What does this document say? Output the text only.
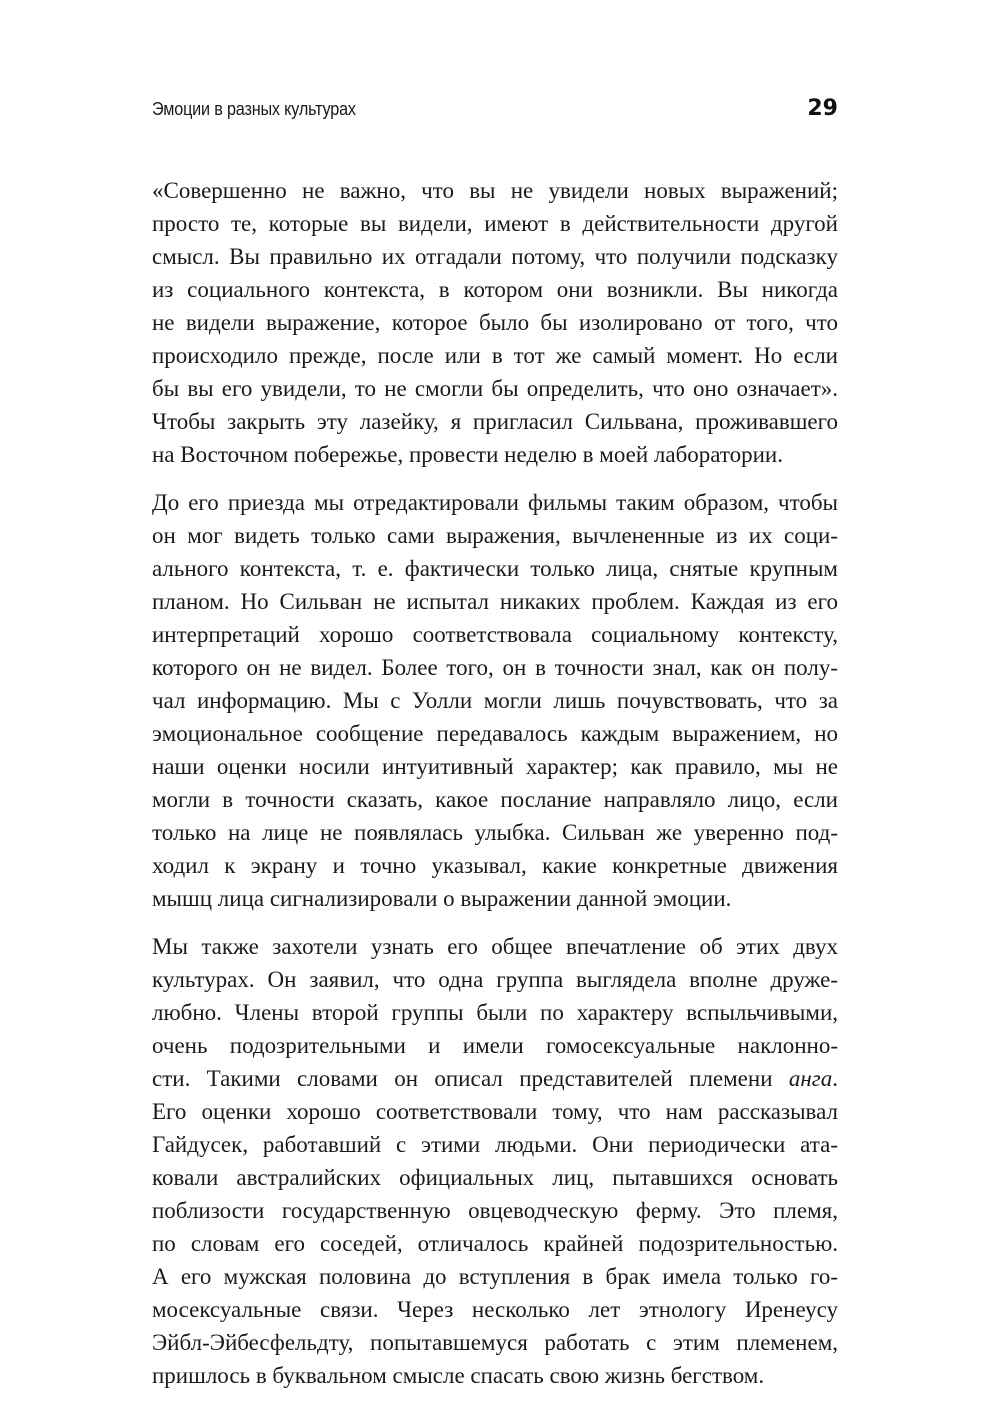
Эмоции в разных культурах	29
«Совершенно не важно, что вы не увидели новых выражений;
просто те, которые вы видели, имеют в действительности другой
смысл. Вы правильно их отгадали потому, что получили подсказку
из социального контекста, в котором они возникли. Вы никогда
не видели выражение, которое было бы изолировано от того, что
происходило прежде, после или в тот же самый момент. Но если
бы вы его увидели, то не смогли бы определить, что оно означает».
Чтобы закрыть эту лазейку, я пригласил Сильвана, проживавшего
на Восточном побережье, провести неделю в моей лаборатории.
До его приезда мы отредактировали фильмы таким образом, чтобы
он мог видеть только сами выражения, вычлененные из их соци-
ального контекста, т. е. фактически только лица, снятые крупным
планом. Но Сильван не испытал никаких проблем. Каждая из его
интерпретаций хорошо соответствовала социальному контексту,
которого он не видел. Более того, он в точности знал, как он полу-
чал информацию. Мы с Уолли могли лишь почувствовать, что за
эмоциональное сообщение передавалось каждым выражением, но
наши оценки носили интуитивный характер; как правило, мы не
могли в точности сказать, какое послание направляло лицо, если
только на лице не появлялась улыбка. Сильван же уверенно под-
ходил к экрану и точно указывал, какие конкретные движения
мышц лица сигнализировали о выражении данной эмоции.
Мы также захотели узнать его общее впечатление об этих двух
культурах. Он заявил, что одна группа выглядела вполне друже-
любно. Члены второй группы были по характеру вспыльчивыми,
очень подозрительными и имели гомосексуальные наклонно-
сти. Такими словами он описал представителей племени анга.
Его оценки хорошо соответствовали тому, что нам рассказывал
Гайдусек, работавший с этими людьми. Они периодически ата-
ковали австралийских официальных лиц, пытавшихся основать
поблизости государственную овцеводческую ферму. Это племя,
по словам его соседей, отличалось крайней подозрительностью.
А его мужская половина до вступления в брак имела только го-
мосексуальные связи. Через несколько лет этнологу Иренеусу
Эйбл-Эйбесфельдту, попытавшемуся работать с этим племенем,
пришлось в буквальном смысле спасать свою жизнь бегством.
